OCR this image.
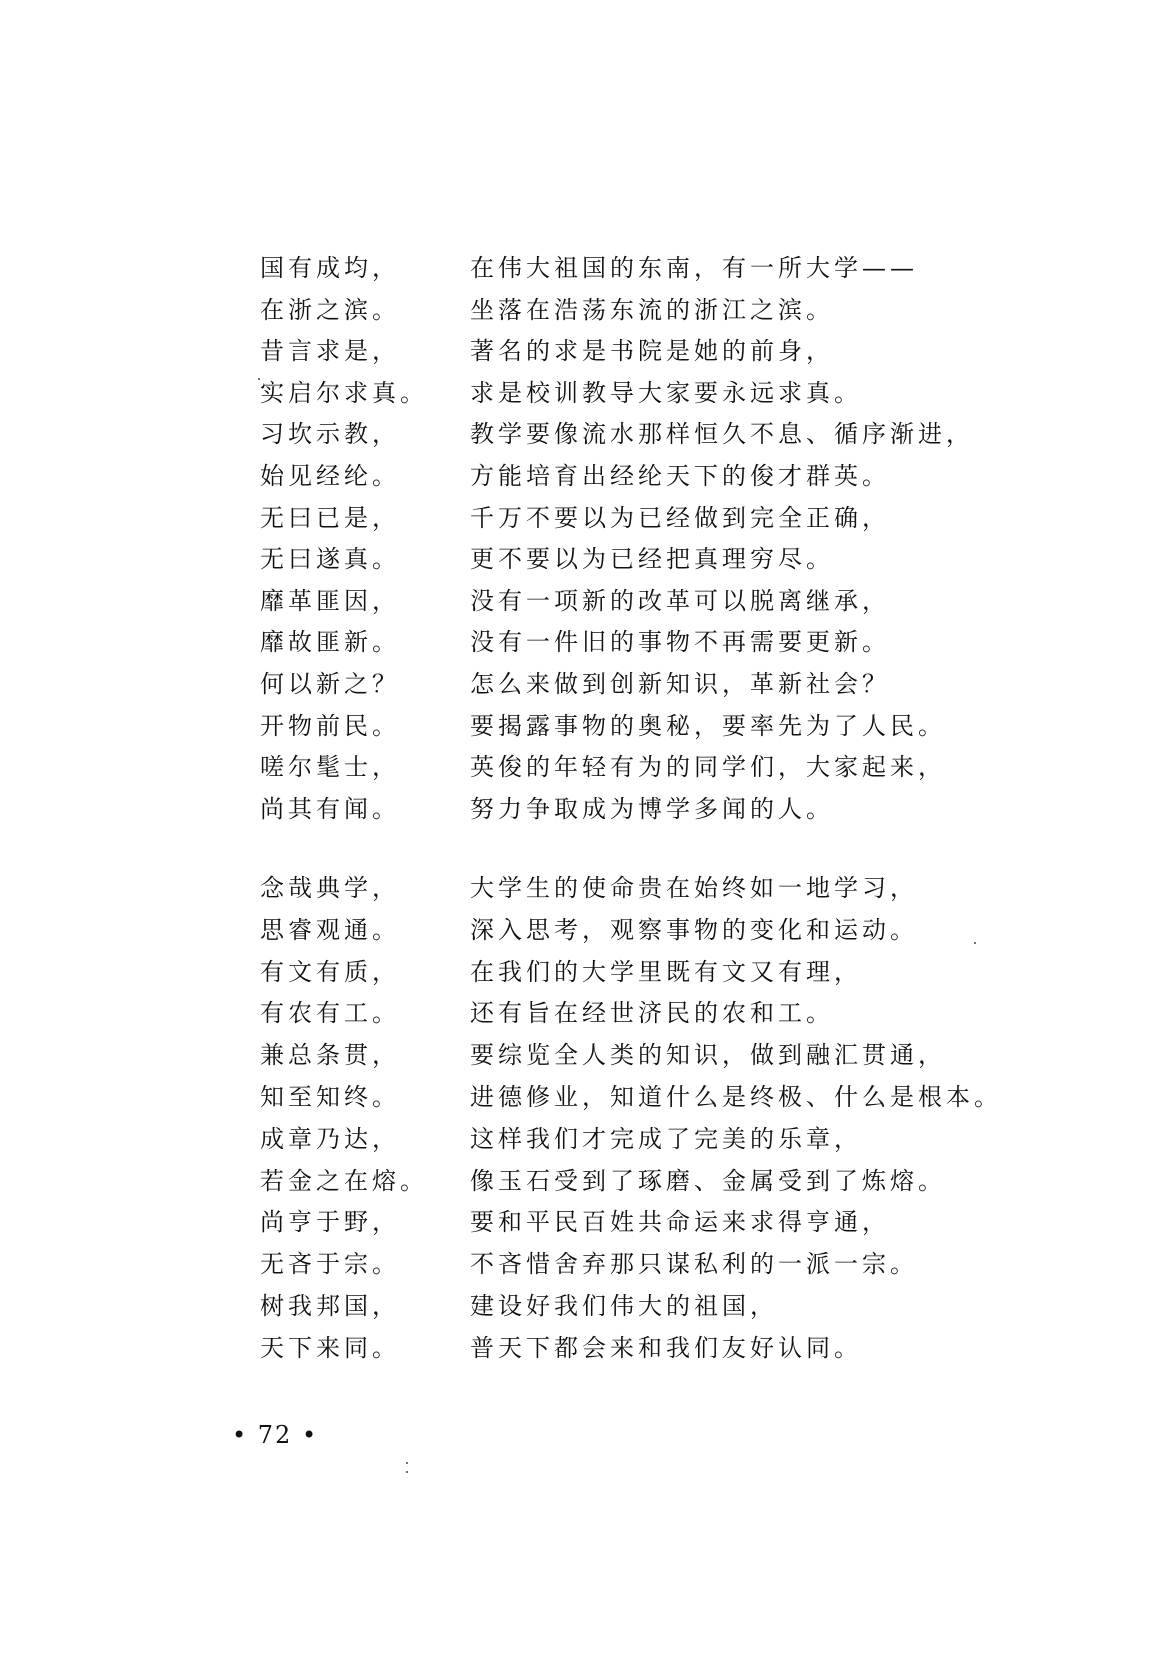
国有成均，	在伟大祖国的东南，有一所大学——
在浙之滨。	坐落在浩荡东流的浙江之滨。
昔言求是，	著名的求是书院是她的前身，
实启尔求真。 求是校训教导大家要永远求真。
习坎示教，	教学要像流水那样恒久不息、循序渐进，
始见经纶。	方能培育出经纶天下的俊才群英。
无曰已是，	千万不要以为已经做到完全正确，
无曰遂真。	更不要以为已经把真理穷尽。
靡革匪因，	没有一项新的改革可以脱离继承，
靡故匪新。	没有一件旧的事物不再需要更新。
何以新之？	怎么来做到创新知识，革新社会？
开物前民。	要揭露事物的奥秘，要率先为了人民。
嗟尔髦士，	英俊的年轻有为的同学们，大家起来，
尚其有闻。	努力争取成为博学多闻的人。
念哉典学，	大学生的使命贵在始终如一地学习，
思睿观通。	深入思考，观察事物的变化和运动。
有文有质，	在我们的大学里既有文又有理，
有农有工。	还有旨在经世济民的农和工。
兼总条贯，	要综览全人类的知识，做到融汇贯通，
知至知终。	进德修业，知道什么是终极、什么是根本。
成章乃达，	这样我们才完成了完美的乐章，
若金之在熔。 像玉石受到了琢磨、金属受到了炼熔。
尚亨于野，	要和平民百姓共命运来求得亨通，
无吝于宗。	不吝惜舍弃那只谋私利的一派一宗。
树我邦国，	建设好我们伟大的祖国，
天下来同。	普天下都会来和我们友好认同。
• 72 •
